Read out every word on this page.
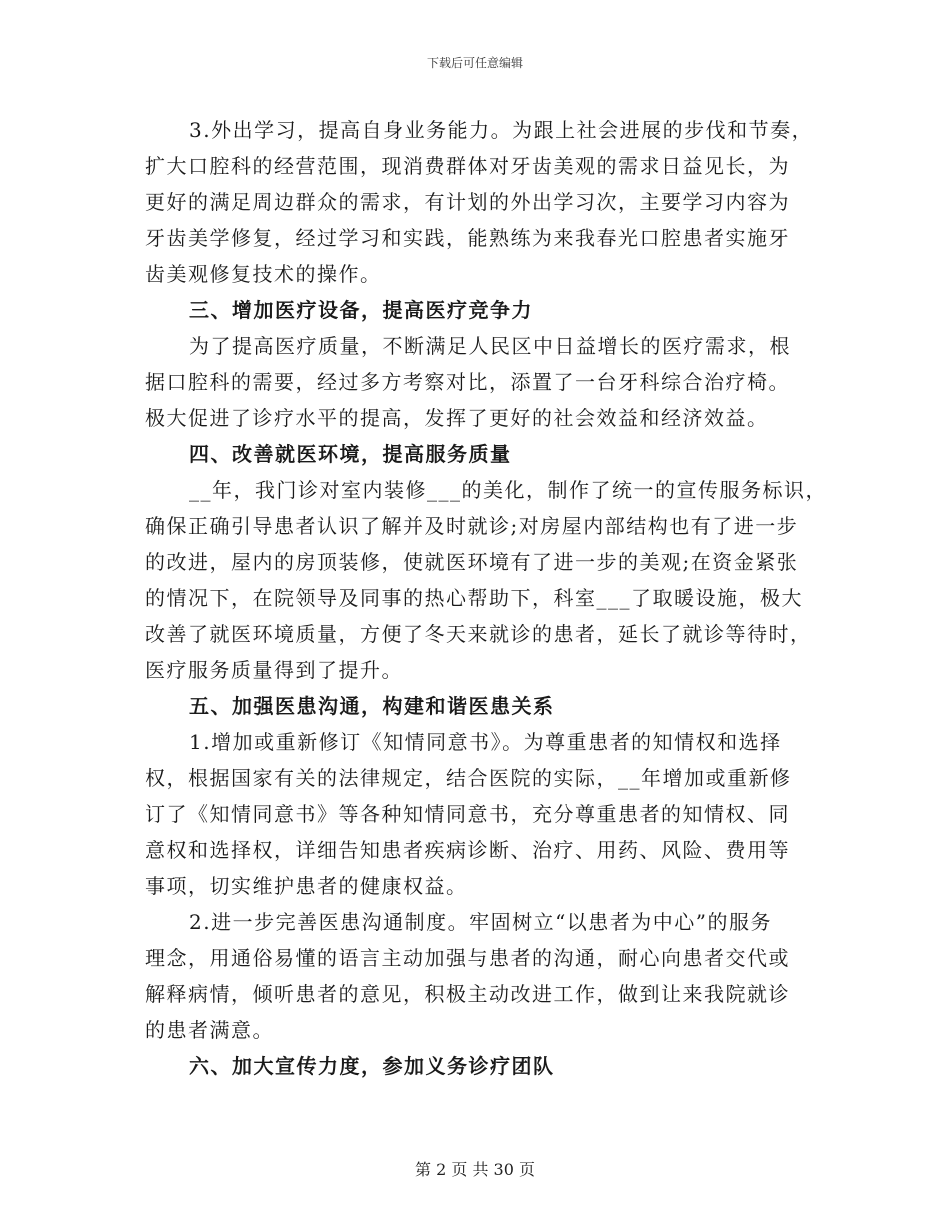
下载后可任意编辑
3.外出学习，提高自身业务能力。为跟上社会进展的步伐和节奏，
扩大口腔科的经营范围，现消费群体对牙齿美观的需求日益见长，为
更好的满足周边群众的需求，有计划的外出学习次，主要学习内容为
牙齿美学修复，经过学习和实践，能熟练为来我春光口腔患者实施牙
齿美观修复技术的操作。
三、增加医疗设备，提高医疗竞争力
为了提高医疗质量，不断满足人民区中日益增长的医疗需求，根
据口腔科的需要，经过多方考察对比，添置了一台牙科综合治疗椅。
极大促进了诊疗水平的提高，发挥了更好的社会效益和经济效益。
四、改善就医环境，提高服务质量
__年，我门诊对室内装修___的美化，制作了统一的宣传服务标识，
确保正确引导患者认识了解并及时就诊;对房屋内部结构也有了进一步
的改进，屋内的房顶装修，使就医环境有了进一步的美观;在资金紧张
的情况下，在院领导及同事的热心帮助下，科室___了取暖设施，极大
改善了就医环境质量，方便了冬天来就诊的患者，延长了就诊等待时，
医疗服务质量得到了提升。
五、加强医患沟通，构建和谐医患关系
1.增加或重新修订《知情同意书》。为尊重患者的知情权和选择
权，根据国家有关的法律规定，结合医院的实际，__年增加或重新修
订了《知情同意书》等各种知情同意书，充分尊重患者的知情权、同
意权和选择权，详细告知患者疾病诊断、治疗、用药、风险、费用等
事项，切实维护患者的健康权益。
2.进一步完善医患沟通制度。牢固树立“以患者为中心”的服务
理念，用通俗易懂的语言主动加强与患者的沟通，耐心向患者交代或
解释病情，倾听患者的意见，积极主动改进工作，做到让来我院就诊
的患者满意。
六、加大宣传力度，参加义务诊疗团队
第 2 页 共 30 页
